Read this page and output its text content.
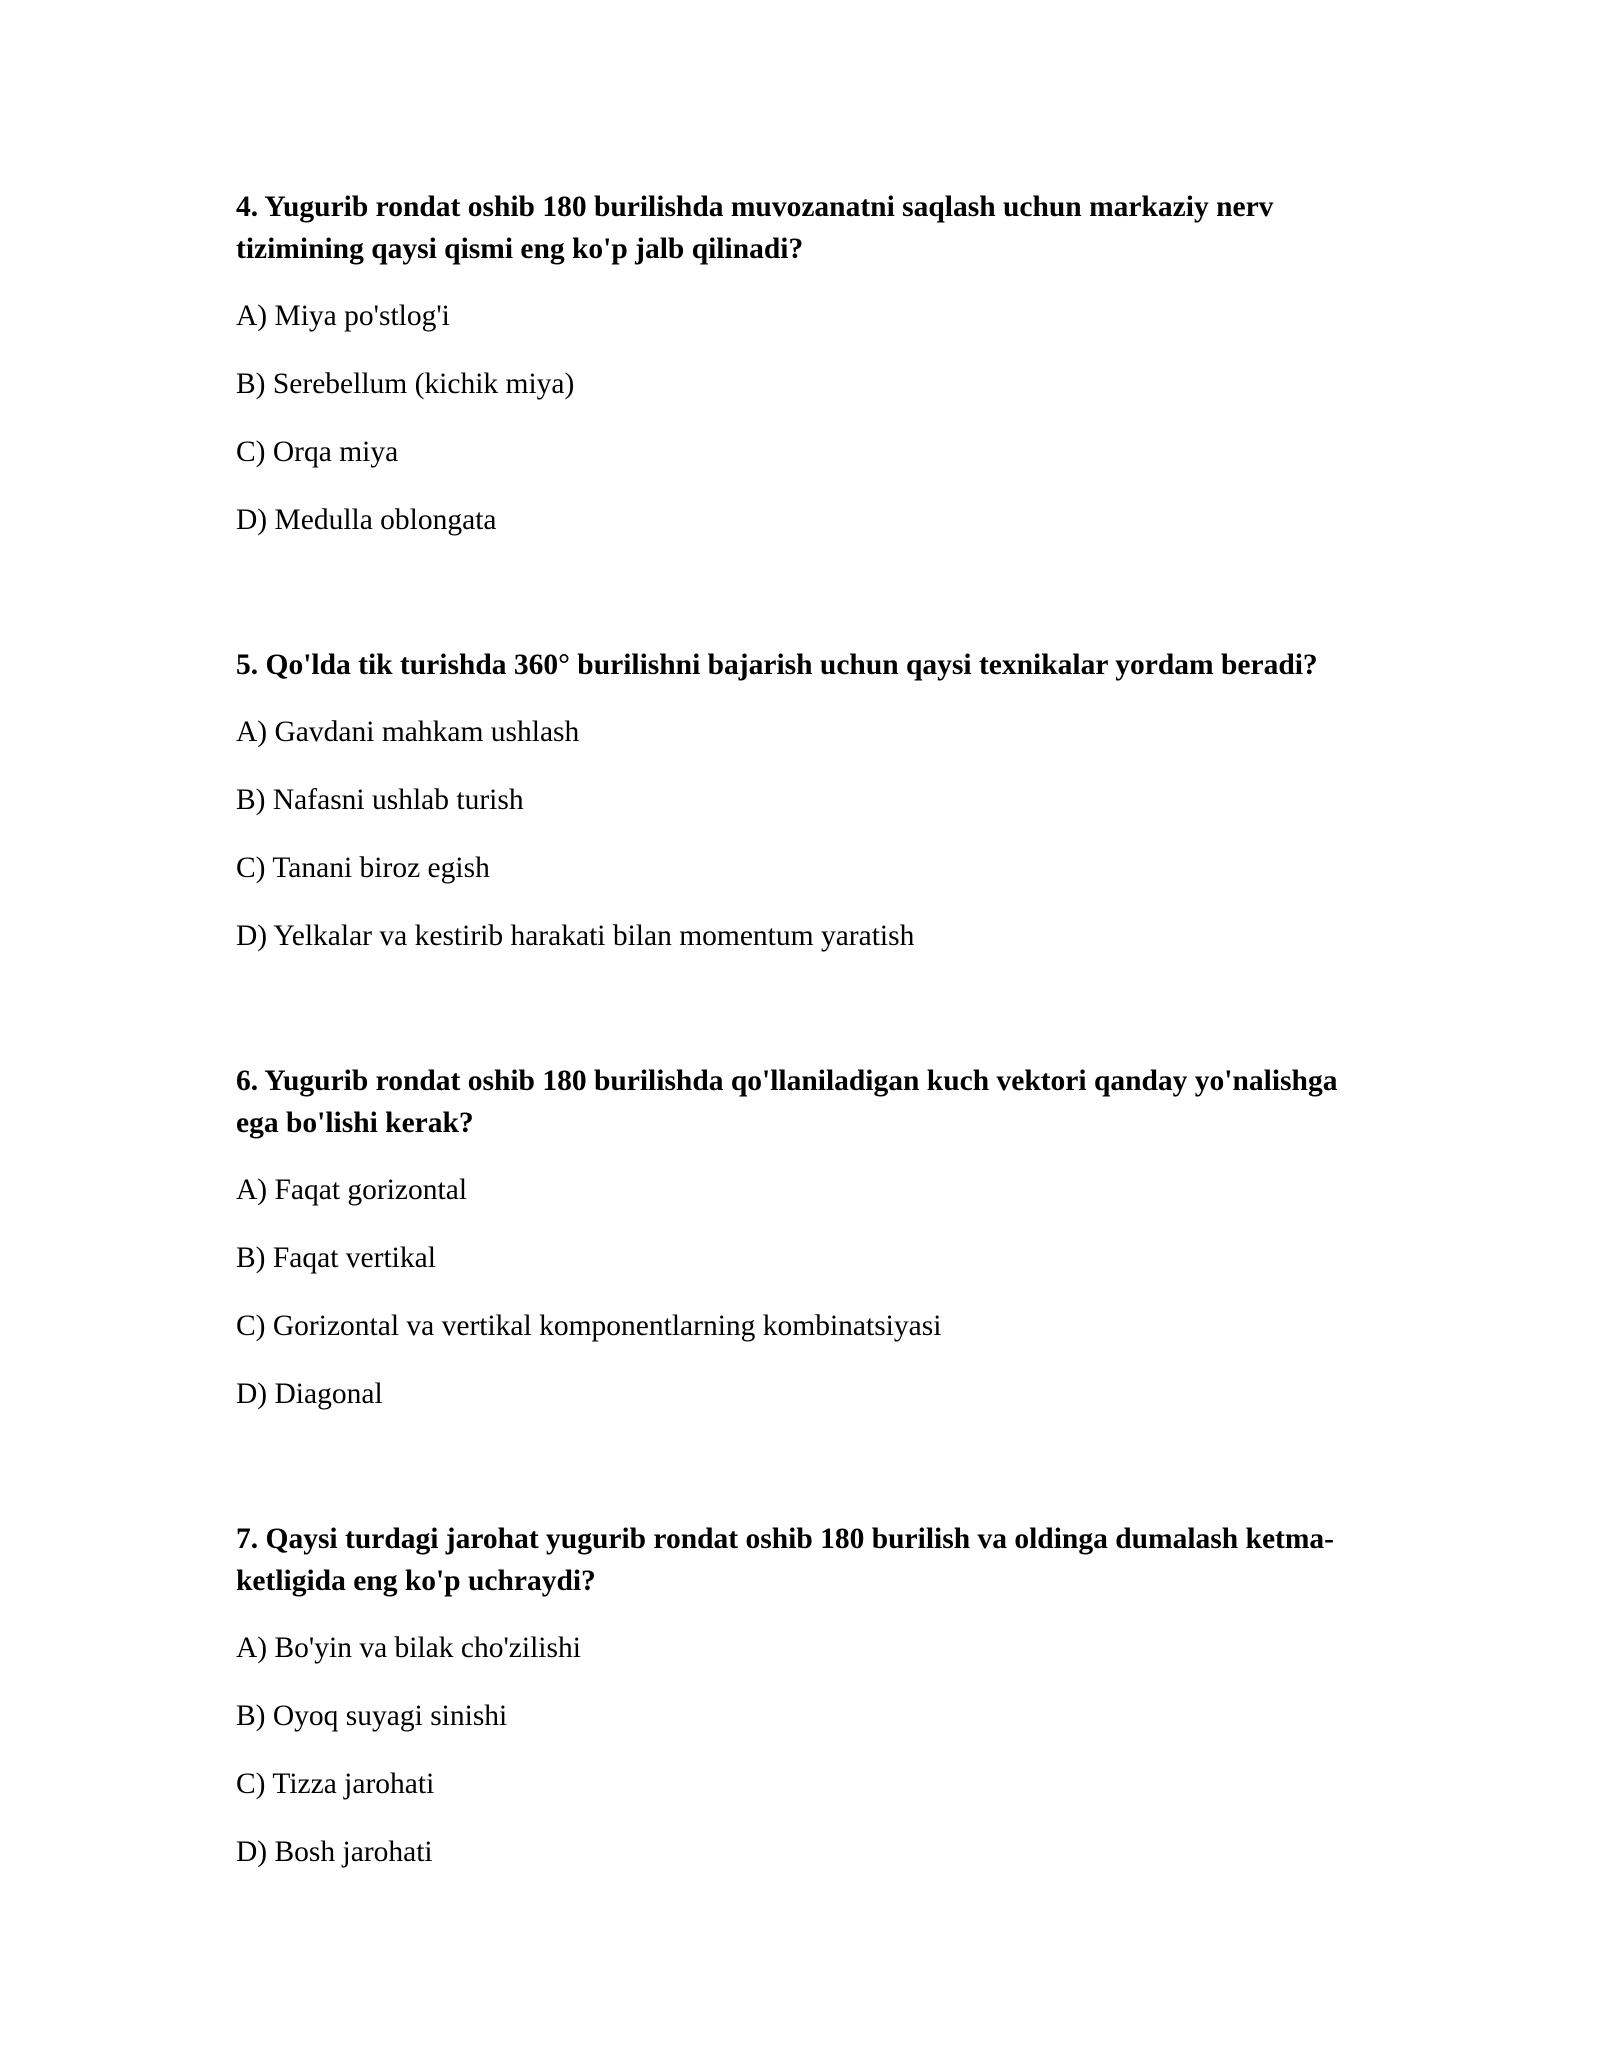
4. Yugurib rondat oshib 180 burilishda muvozanatni saqlash uchun markaziy nerv tizimining qaysi qismi eng ko'p jalb qilinadi?

A) Miya po'stlog'i

B) Serebellum (kichik miya)

C) Orqa miya

D) Medulla oblongata

5. Qo'lda tik turishda 360° burilishni bajarish uchun qaysi texnikalar yordam beradi?

A) Gavdani mahkam ushlash

B) Nafasni ushlab turish

C) Tanani biroz egish

D) Yelkalar va kestirib harakati bilan momentum yaratish

6. Yugurib rondat oshib 180 burilishda qo'llaniladigan kuch vektori qanday yo'nalishga ega bo'lishi kerak?

A) Faqat gorizontal

B) Faqat vertikal

C) Gorizontal va vertikal komponentlarning kombinatsiyasi

D) Diagonal

7. Qaysi turdagi jarohat yugurib rondat oshib 180 burilish va oldinga dumalash ketma-ketligida eng ko'p uchraydi?

A) Bo'yin va bilak cho'zilishi

B) Oyoq suyagi sinishi

C) Tizza jarohati

D) Bosh jarohati
